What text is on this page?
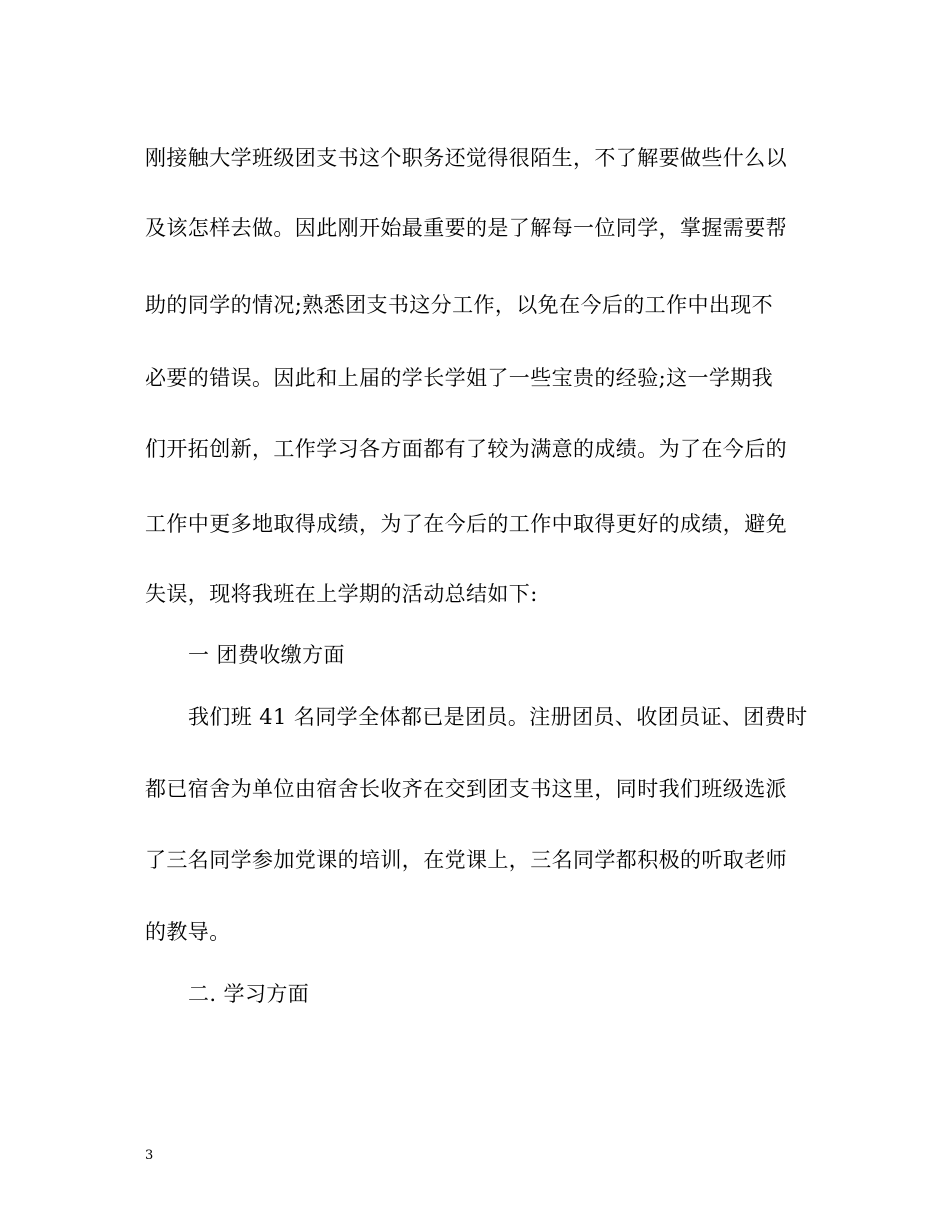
刚接触大学班级团支书这个职务还觉得很陌生，不了解要做些什么以
及该怎样去做。因此刚开始最重要的是了解每一位同学，掌握需要帮
助的同学的情况;熟悉团支书这分工作，以免在今后的工作中出现不
必要的错误。因此和上届的学长学姐了一些宝贵的经验;这一学期我
们开拓创新，工作学习各方面都有了较为满意的成绩。为了在今后的
工作中更多地取得成绩，为了在今后的工作中取得更好的成绩，避免
失误，现将我班在上学期的活动总结如下:
一 团费收缴方面
我们班 41 名同学全体都已是团员。注册团员、收团员证、团费时
都已宿舍为单位由宿舍长收齐在交到团支书这里，同时我们班级选派
了三名同学参加党课的培训，在党课上，三名同学都积极的听取老师
的教导。
二. 学习方面
3
